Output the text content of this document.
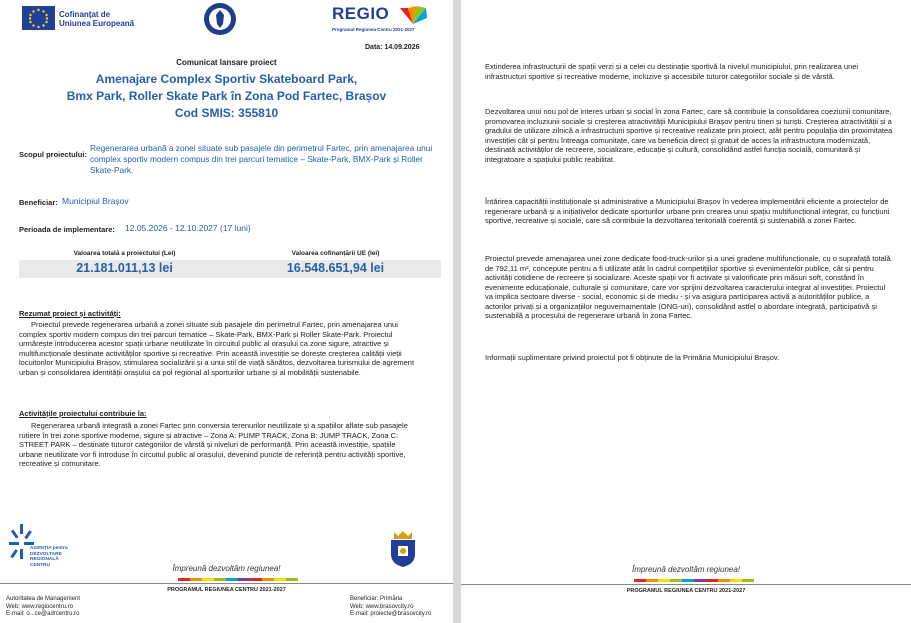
Cofinanțat de
Uniunea Europeană
REGIO
Programul Regiunea Centru 2021-2027
Data: 14.09.2026
Comunicat lansare proiect
Amenajare Complex Sportiv Skateboard Park,
Bmx Park, Roller Skate Park în Zona Pod Fartec, Brașov
Cod SMIS: 355810
Scopul proiectului:
Regenerarea urbană a zonei situate sub pasajele din perimetrul Fartec, prin amenajarea unui complex sportiv modern compus din trei parcuri tematice – Skate-Park, BMX-Park și Roller Skate-Park.
Beneficiar: Municipiul Brașov
Perioada de implementare: 12.05.2026 - 12.10.2027 (17 luni)
Valoarea totală a proiectului (Lei)	Valoarea cofinanțării UE (lei)
21.181.011,13 lei	16.548.651,94 lei
Rezumat proiect și activități:

Proiectul prevede regenerarea urbană a zonei situate sub pasajele din perimetrul Fartec, prin amenajarea unui complex sportiv modern compus din trei parcuri tematice – Skate-Park, BMX-Park și Roller Skate-Park. Proiectul urmărește introducerea acestor spații urbane neutilizate în circuitul public al orașului ca zone sigure, atractive și multifuncționale destinate activităților sportive și recreative. Prin această investiție se dorește creșterea calității vieții locuitorilor Municipiului Brașov, stimularea socializării și a unui stil de viață sănătos, dezvoltarea turismului de agrement urban și consolidarea identității orașului ca pol regional al sporturilor urbane și al mobilității sustenabile.

Activitățile proiectului contribuie la:

Regenerarea urbană integrată a zonei Fartec prin conversia terenurilor neutilizate și a spațiilor aflate sub pasajele rutiere în trei zone sportive moderne, sigure și atractive – Zona A: PUMP TRACK, Zona B: JUMP TRACK, Zona C: STREET PARK – destinate tuturor categoriilor de vârstă și niveluri de performanță. Prin această investiție, spațiile urbane neutilizate vor fi introduse în circuitul public al orașului, devenind puncte de referință pentru activități sportive, recreative și comunitare.

AGENȚIA pentru
DEZVOLTARE
REGIONALĂ
CENTRU	Împreună dezvoltăm regiunea!
PROGRAMUL REGIUNEA CENTRU 2021-2027
Autoritatea de Management
Web: www.regiocentru.ro
E-mail: o...ce@adrcentru.ro
Beneficiar: Primăria
Web: www.brasovcity.ro
E-mail: proiecte@brasovcity.ro

Extinderea infrastructurii de spații verzi și a celei cu destinație sportivă la nivelul municipiului, prin realizarea unei infrastructuri sportive și recreative moderne, incluzive și accesibile tuturor categoriilor sociale și de vârstă.

Dezvoltarea unui nou pol de interes urban și social în zona Fartec, care să contribuie la consolidarea coeziunii comunitare, promovarea incluziunii sociale și creșterea atractivității Municipiului Brașov pentru tineri și turiști. Creșterea atractivității și a gradului de utilizare zilnică a infrastructurii sportive și recreative realizate prin proiect, atât pentru populația din proximitatea investiției cât și pentru întreaga comunitate, care va beneficia direct și gratuit de acces la infrastructura modernizată, destinată activităților de recreere, socializare, educație și cultură, consolidând astfel funcția socială, comunitară și integratoare a spațiului public reabilitat.

Întărirea capacității instituționale și administrative a Municipiului Brașov în vederea implementării eficiente a proiectelor de regenerare urbană și a inițiativelor dedicate sporturilor urbane prin crearea unui spațiu multifuncțional integrat, cu funcțiuni sportive, recreative și sociale, care să contribuie la dezvoltarea teritorială coerentă și sustenabilă a zonei Fartec.

Proiectul prevede amenajarea unei zone dedicate food-truck-urilor și a unei gradene multifuncționale, cu o suprafață totală de 792,11 m², concepute pentru a fi utilizate atât în cadrul competițiilor sportive și evenimentelor publice, cât și pentru activități cotidiene de recreere și socializare. Aceste spații vor fi activate și valorificate prin măsuri soft, constând în evenimente educaționale, culturale și comunitare, care vor sprijini dezvoltarea caracterului integrat al investiției. Proiectul va implica sectoare diverse - social, economic și de mediu - și va asigura participarea activă a autorităților publice, a actorilor privați și a organizațiilor neguvernamentale (ONG-uri), consolidând astfel o abordare integrată, participativă și sustenabilă a procesului de regenerare urbană în zona Fartec.

Informații suplimentare privind proiectul pot fi obținute de la Primăria Municipiului Brașov.

Împreună dezvoltăm regiunea!
PROGRAMUL REGIUNEA CENTRU 2021-2027
